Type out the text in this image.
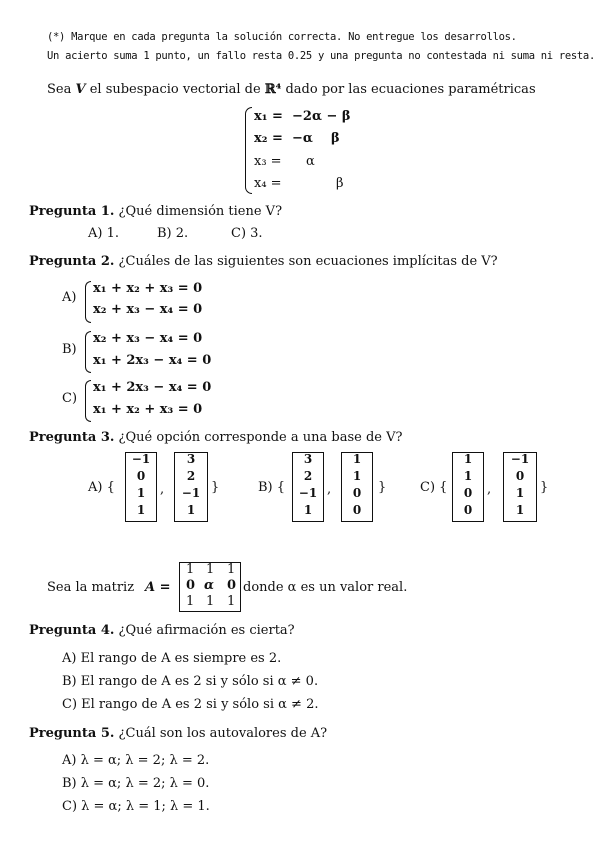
(*) Marque en cada pregunta la solución correcta. No entregue los desarrollos.
Un acierto suma 1 punto, un fallo resta 0.25 y una pregunta no contestada ni suma ni resta.
Sea V el subespacio vectorial de ℝ⁴ dado por las ecuaciones paramétricas
x₁ = −2α − β
x₂ = −α    β
x₃ = α
x₄ =	β
Pregunta 1. ¿Qué dimensión tiene V?
A) 1.	B) 2.	C) 3.
Pregunta 2. ¿Cuáles de las siguientes son ecuaciones implícitas de V?
A)
x₁ + x₂ + x₃ = 0
x₂ + x₃ − x₄ = 0
B)
x₂ + x₃ − x₄ = 0
x₁ + 2x₃ − x₄ = 0
C)
x₁ + 2x₃ − x₄ = 0
x₁ + x₂ + x₃ = 0
Pregunta 3. ¿Qué opción corresponde a una base de V?
A) {
−1
0
1
1
,
3
2
−1
1
}	B) {
3
2
−1
1
,
1
1
0
0
}	C) {
1
1
0
0
,
−1
0
1
1
}
Sea la matriz A =
1 1 1
0 α 0
1 1 1
donde α es un valor real.
Pregunta 4. ¿Qué afirmación es cierta?
A) El rango de A es siempre es 2.
B) El rango de A es 2 si y sólo si α ≠ 0.
C) El rango de A es 2 si y sólo si α ≠ 2.
Pregunta 5. ¿Cuál son los autovalores de A?
A) λ = α; λ = 2; λ = 2.
B) λ = α; λ = 2; λ = 0.
C) λ = α; λ = 1; λ = 1.
